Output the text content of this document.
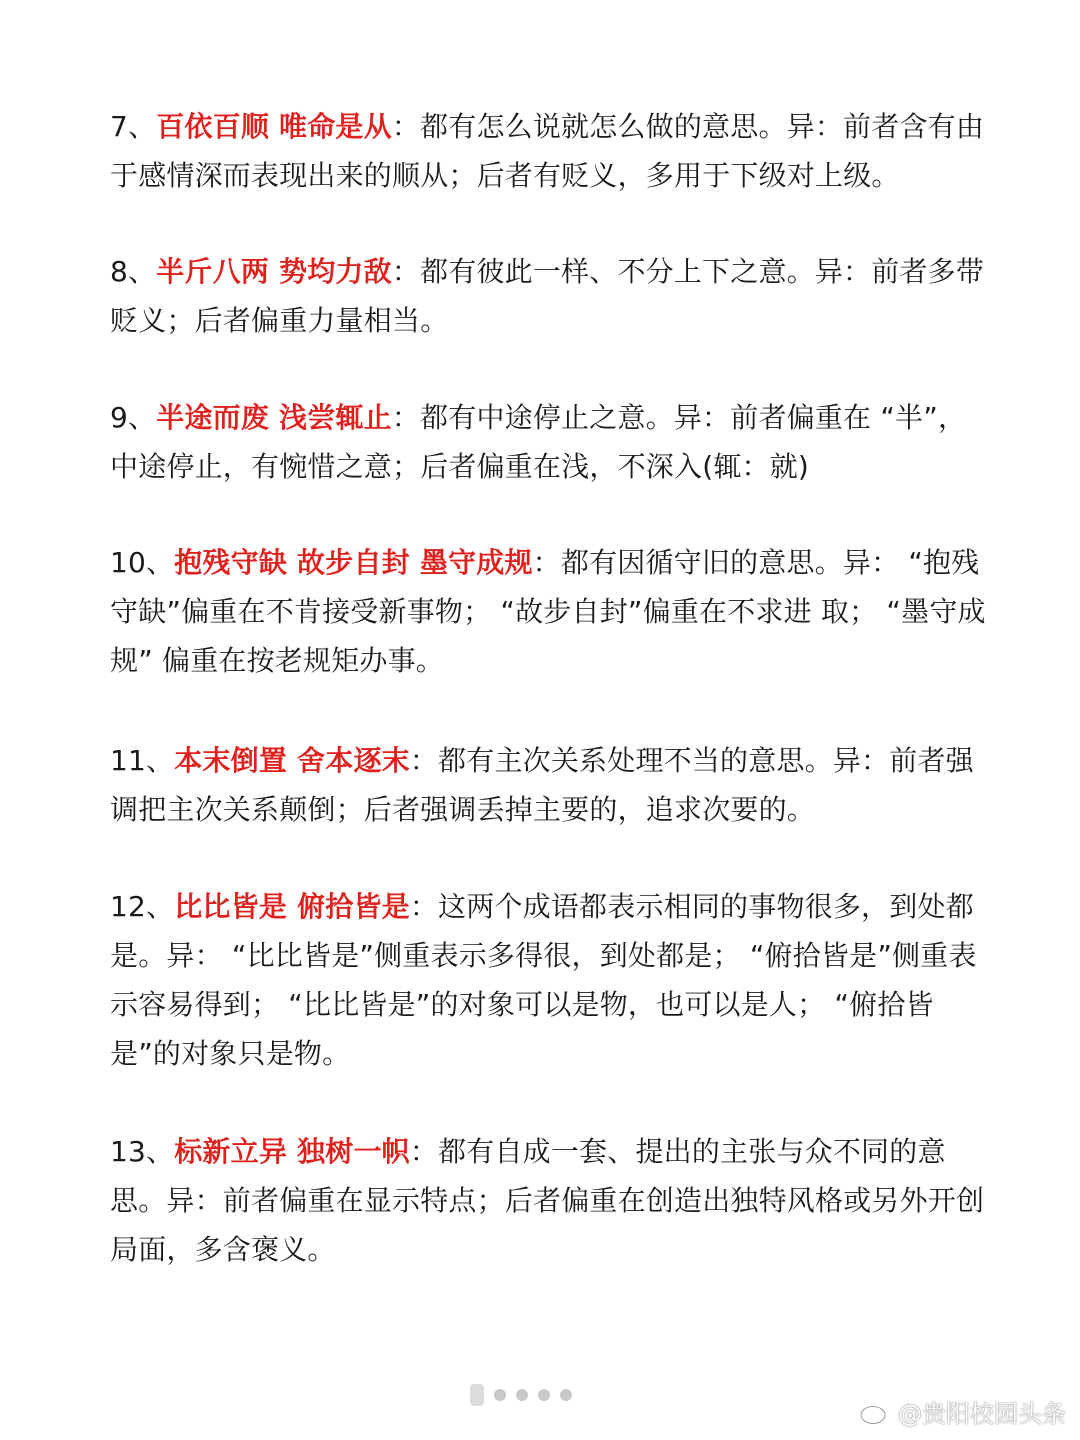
7、百依百顺 唯命是从：都有怎么说就怎么做的意思。异：前者含有由于感情深而表现出来的顺从；后者有贬义，多用于下级对上级。
8、半斤八两 势均力敌：都有彼此一样、不分上下之意。异：前者多带贬义；后者偏重力量相当。
9、半途而废 浅尝辄止：都有中途停止之意。异：前者偏重在 “半”，中途停止，有惋惜之意；后者偏重在浅，不深入(辄：就)
10、抱残守缺 故步自封 墨守成规：都有因循守旧的意思。异： “抱残守缺”偏重在不肯接受新事物； “故步自封”偏重在不求进 取； “墨守成规” 偏重在按老规矩办事。
11、本末倒置 舍本逐末：都有主次关系处理不当的意思。异：前者强调把主次关系颠倒；后者强调丢掉主要的，追求次要的。
12、比比皆是 俯拾皆是：这两个成语都表示相同的事物很多，到处都是。异： “比比皆是”侧重表示多得很，到处都是； “俯拾皆是”侧重表示容易得到； “比比皆是”的对象可以是物，也可以是人； “俯拾皆是”的对象只是物。
13、标新立异 独树一帜：都有自成一套、提出的主张与众不同的意思。异：前者偏重在显示特点；后者偏重在创造出独特风格或另外开创局面，多含褒义。
@贵阳校园头条
